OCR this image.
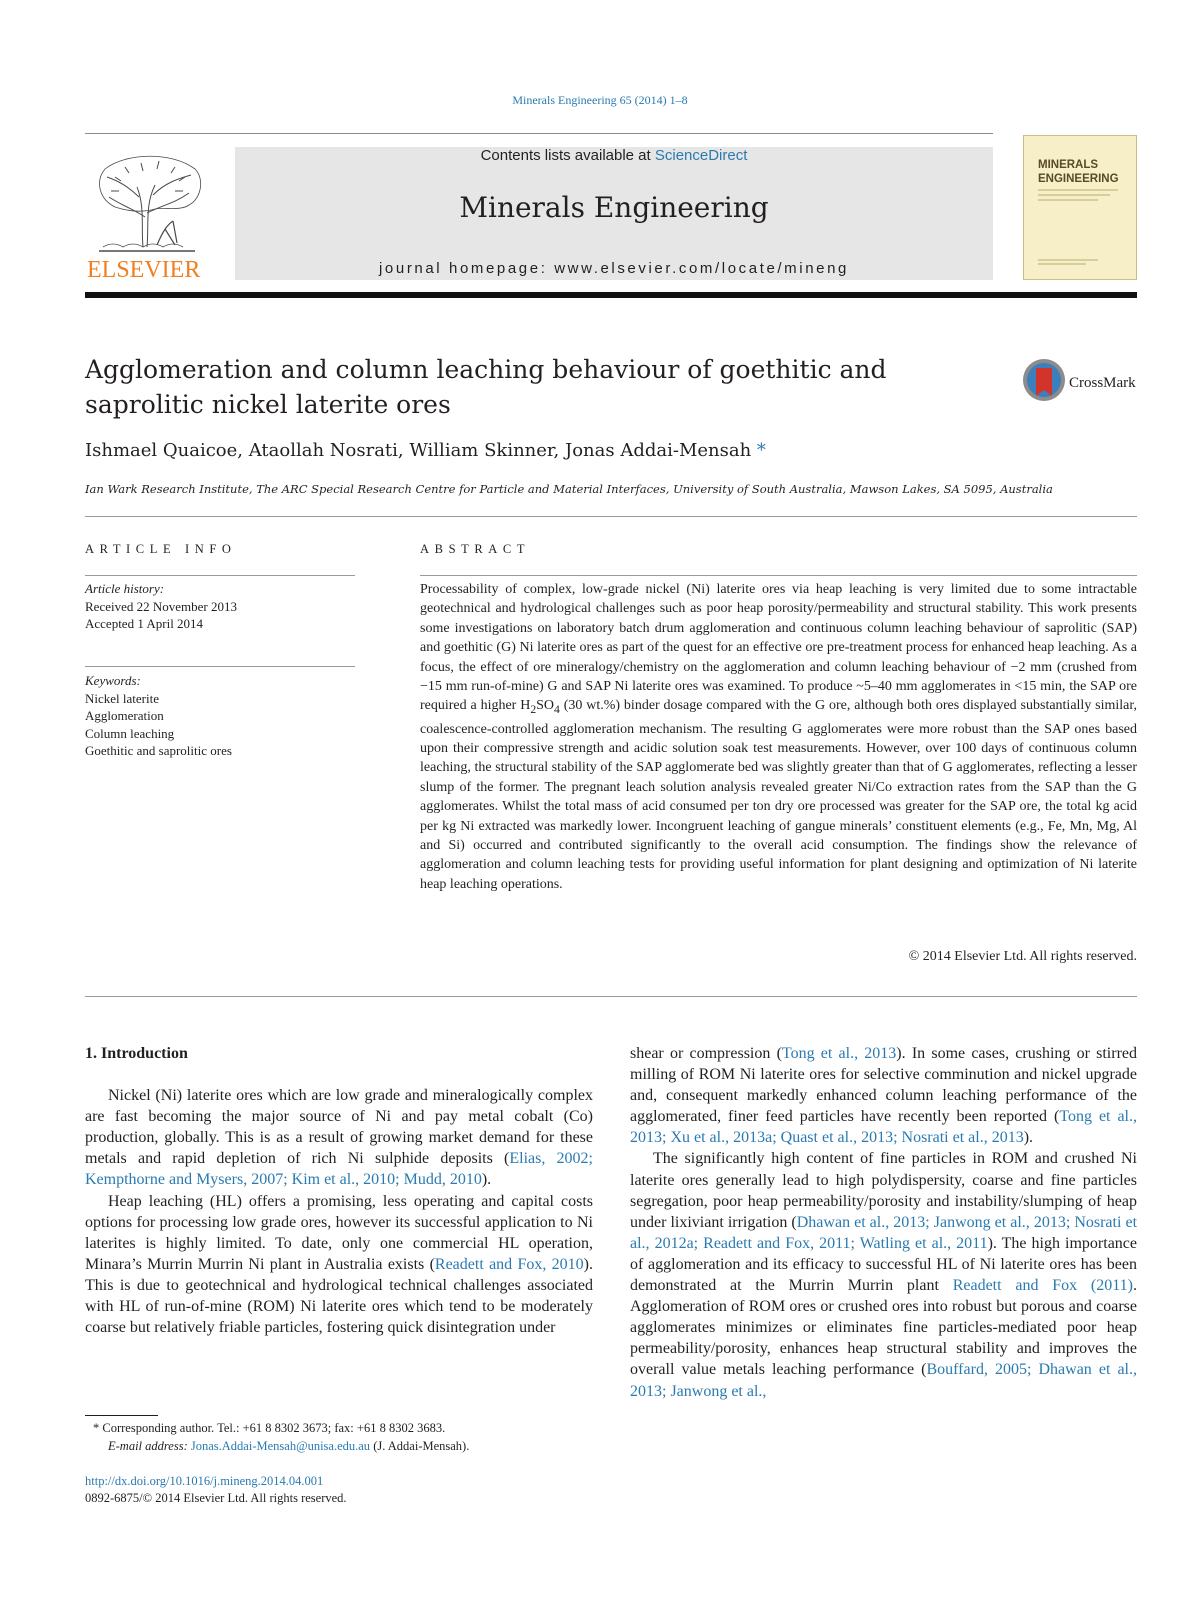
Minerals Engineering 65 (2014) 1–8
ELSEVIER
Contents lists available at ScienceDirect
Minerals Engineering
journal homepage: www.elsevier.com/locate/mineng
MINERALS
ENGINEERING
Agglomeration and column leaching behaviour of goethitic and saprolitic nickel laterite ores
CrossMark
Ishmael Quaicoe, Ataollah Nosrati, William Skinner, Jonas Addai-Mensah *
Ian Wark Research Institute, The ARC Special Research Centre for Particle and Material Interfaces, University of South Australia, Mawson Lakes, SA 5095, Australia
ARTICLE INFO
Article history:
Received 22 November 2013
Accepted 1 April 2014
Keywords:
Nickel laterite
Agglomeration
Column leaching
Goethitic and saprolitic ores
ABSTRACT
Processability of complex, low-grade nickel (Ni) laterite ores via heap leaching is very limited due to some intractable geotechnical and hydrological challenges such as poor heap porosity/permeability and structural stability. This work presents some investigations on laboratory batch drum agglomeration and continuous column leaching behaviour of saprolitic (SAP) and goethitic (G) Ni laterite ores as part of the quest for an effective ore pre-treatment process for enhanced heap leaching. As a focus, the effect of ore mineralogy/chemistry on the agglomeration and column leaching behaviour of −2 mm (crushed from −15 mm run-of-mine) G and SAP Ni laterite ores was examined. To produce ~5–40 mm agglomerates in <15 min, the SAP ore required a higher $H_2SO_4$ (30 wt.%) binder dosage compared with the G ore, although both ores displayed substantially similar, coalescence-controlled agglomeration mechanism. The resulting G agglomerates were more robust than the SAP ones based upon their compressive strength and acidic solution soak test measurements. However, over 100 days of continuous column leaching, the structural stability of the SAP agglomerate bed was slightly greater than that of G agglomerates, reflecting a lesser slump of the former. The pregnant leach solution analysis revealed greater Ni/Co extraction rates from the SAP than the G agglomerates. Whilst the total mass of acid consumed per ton dry ore processed was greater for the SAP ore, the total kg acid per kg Ni extracted was markedly lower. Incongruent leaching of gangue minerals’ constituent elements (e.g., Fe, Mn, Mg, Al and Si) occurred and contributed significantly to the overall acid consumption. The findings show the relevance of agglomeration and column leaching tests for providing useful information for plant designing and optimization of Ni laterite heap leaching operations.
© 2014 Elsevier Ltd. All rights reserved.
1. Introduction

Nickel (Ni) laterite ores which are low grade and mineralogically complex are fast becoming the major source of Ni and pay metal cobalt (Co) production, globally. This is as a result of growing market demand for these metals and rapid depletion of rich Ni sulphide deposits (Elias, 2002; Kempthorne and Mysers, 2007; Kim et al., 2010; Mudd, 2010).

Heap leaching (HL) offers a promising, less operating and capital costs options for processing low grade ores, however its successful application to Ni laterites is highly limited. To date, only one commercial HL operation, Minara’s Murrin Murrin Ni plant in Australia exists (Readett and Fox, 2010). This is due to geotechnical and hydrological technical challenges associated with HL of run-of-mine (ROM) Ni laterite ores which tend to be moderately coarse but relatively friable particles, fostering quick disintegration under

shear or compression (Tong et al., 2013). In some cases, crushing or stirred milling of ROM Ni laterite ores for selective comminution and nickel upgrade and, consequent markedly enhanced column leaching performance of the agglomerated, finer feed particles have recently been reported (Tong et al., 2013; Xu et al., 2013a; Quast et al., 2013; Nosrati et al., 2013).

The significantly high content of fine particles in ROM and crushed Ni laterite ores generally lead to high polydispersity, coarse and fine particles segregation, poor heap permeability/porosity and instability/slumping of heap under lixiviant irrigation (Dhawan et al., 2013; Janwong et al., 2013; Nosrati et al., 2012a; Readett and Fox, 2011; Watling et al., 2011). The high importance of agglomeration and its efficacy to successful HL of Ni laterite ores has been demonstrated at the Murrin Murrin plant Readett and Fox (2011). Agglomeration of ROM ores or crushed ores into robust but porous and coarse agglomerates minimizes or eliminates fine particles-mediated poor heap permeability/porosity, enhances heap structural stability and improves the overall value metals leaching performance (Bouffard, 2005; Dhawan et al., 2013; Janwong et al.,

* Corresponding author. Tel.: +61 8 8302 3673; fax: +61 8 8302 3683.
E-mail address: Jonas.Addai-Mensah@unisa.edu.au (J. Addai-Mensah).
http://dx.doi.org/10.1016/j.mineng.2014.04.001
0892-6875/© 2014 Elsevier Ltd. All rights reserved.
